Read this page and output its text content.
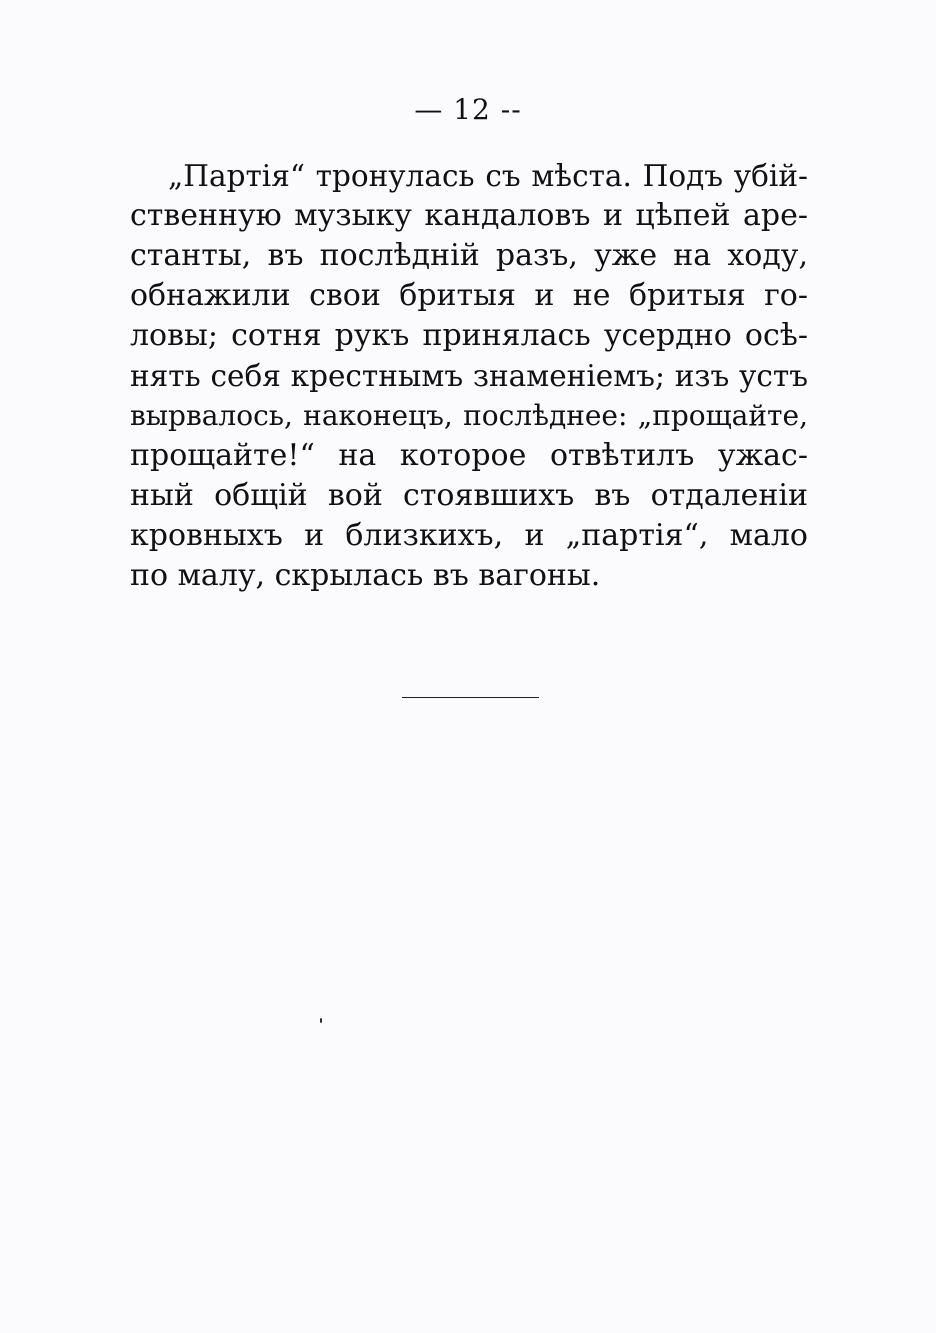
— 12 --
„Партія“ тронулась съ мѣста. Подъ убій-
ственную музыку кандаловъ и цѣпей аре-
станты, въ послѣдній разъ, уже на ходу,
обнажили свои бритыя и не бритыя го-
ловы; сотня рукъ принялась усердно осѣ-
нять себя крестнымъ знаменіемъ; изъ устъ
вырвалось, наконецъ, послѣднее: „прощайте,
прощайте!“ на которое отвѣтилъ ужас-
ный общій вой стоявшихъ въ отдаленіи
кровныхъ и близкихъ, и „партія“, мало
по малу, скрылась въ вагоны.
